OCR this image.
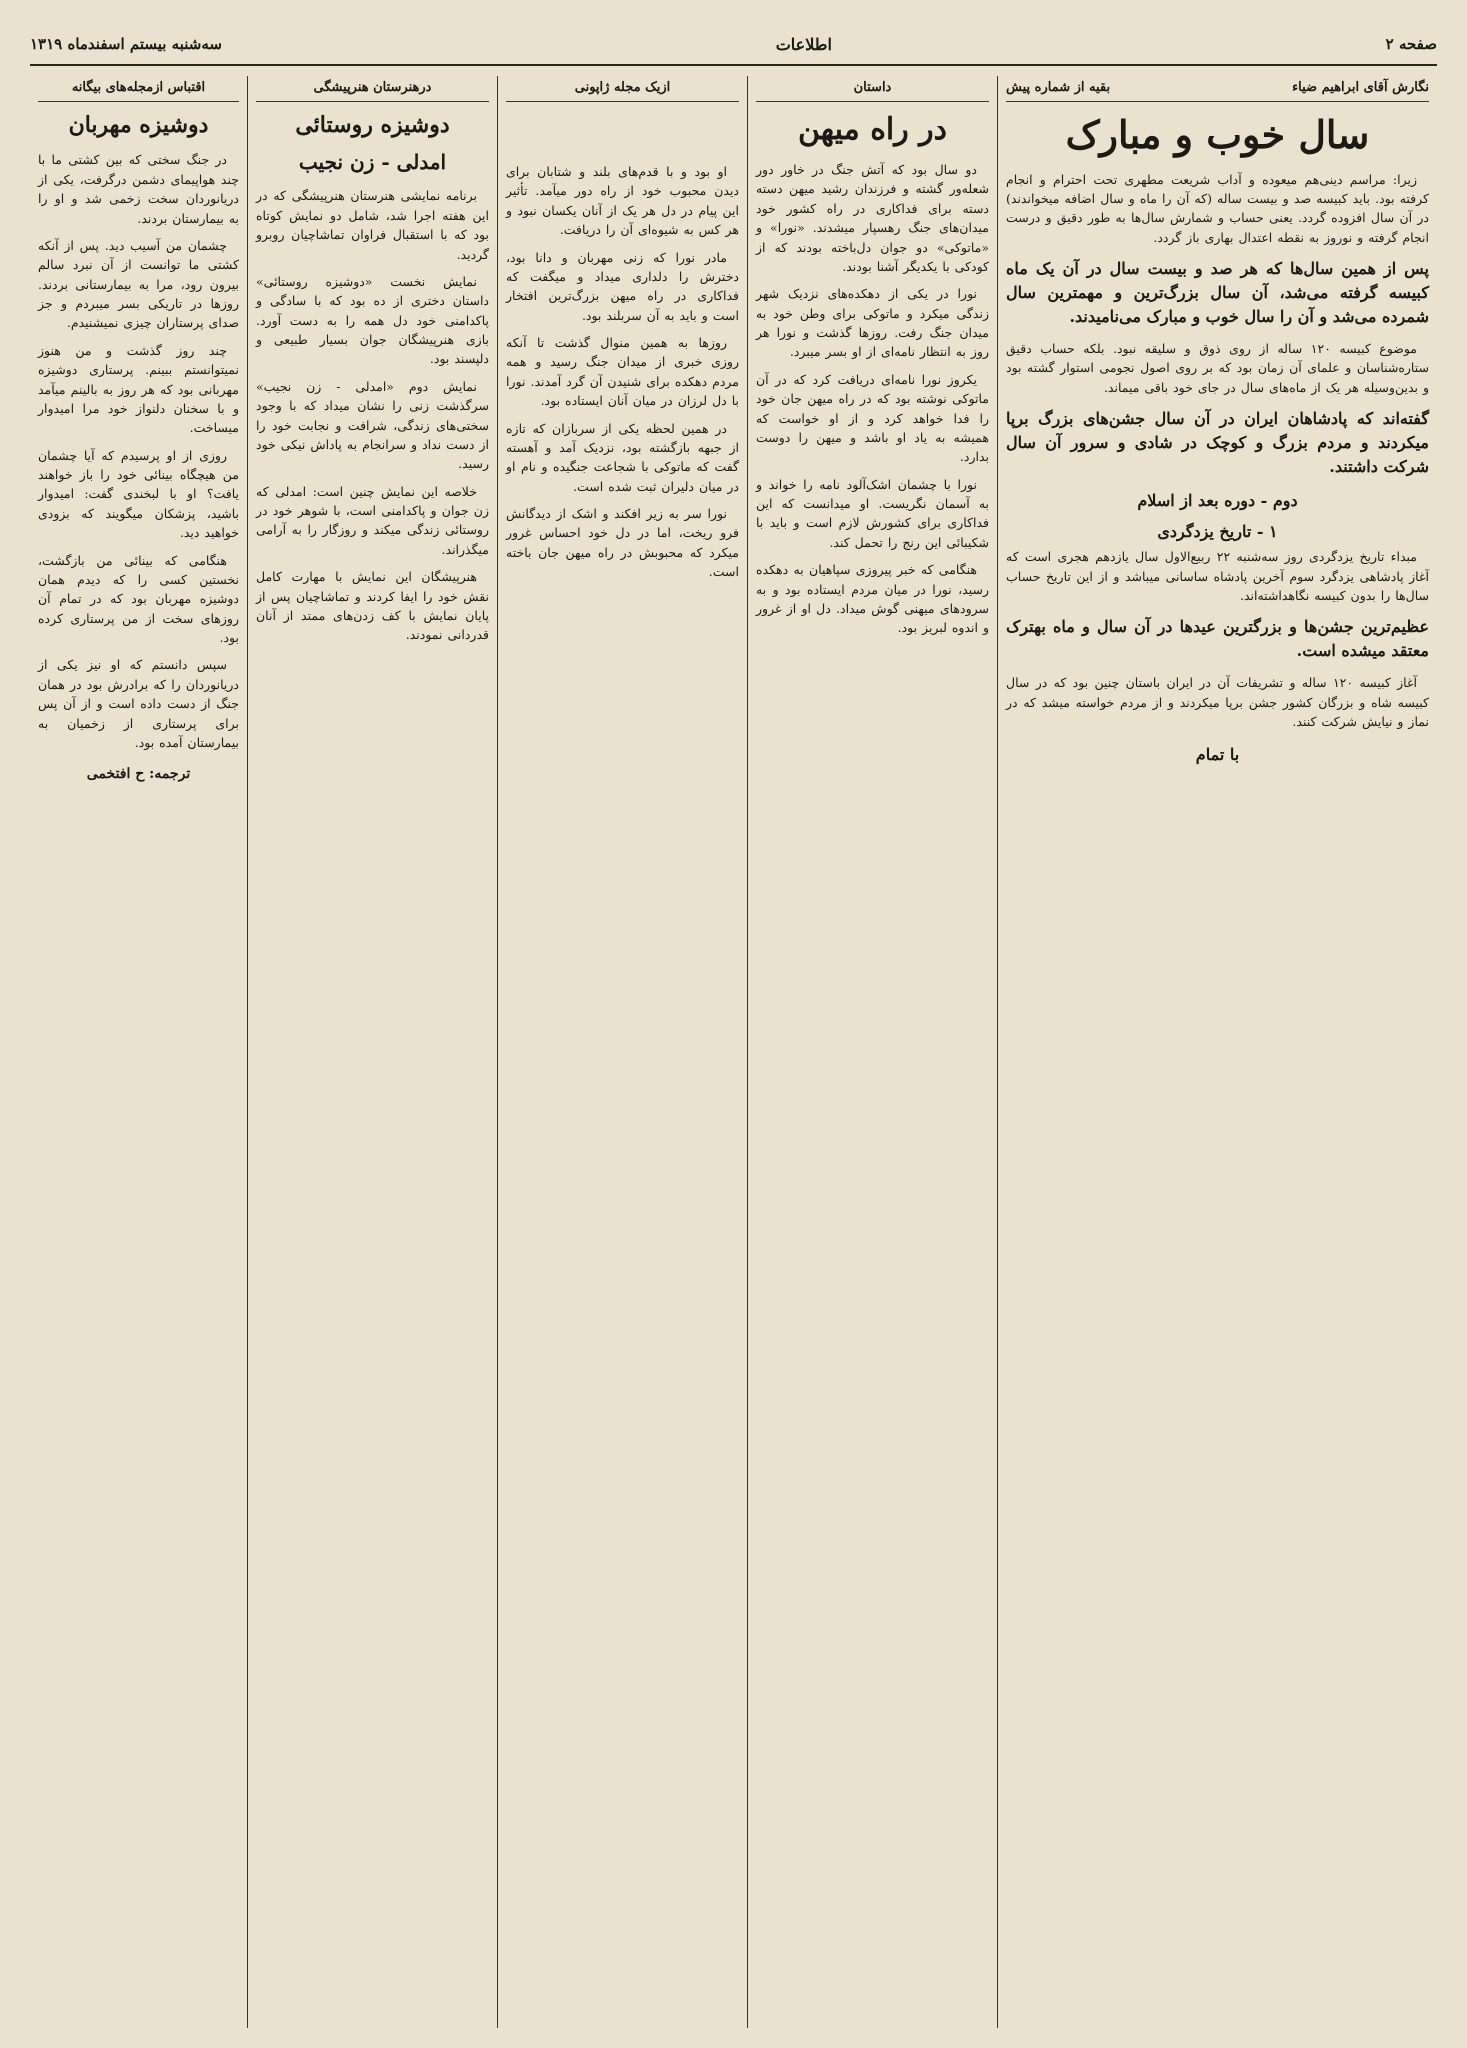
صفحه ۲
اطلاعات
سه‌شنبه بیستم اسفندماه ۱۳۱۹
نگارش آقای ابراهیم ضیاء
بقیه از شماره پیش
سال خوب و مبارک

زیرا: مراسم دینی‌هم میعوده و آداب شریعت مطهری تحت احترام و انجام کرفته بود. باید کبیسه صد و بیست ساله (که آن را ماه و سال اضافه میخواندند) در آن سال افزوده گردد. یعنی حساب و شمارش سال‌ها به طور دقیق و درست انجام گرفته و نوروز به نقطه اعتدال بهاری باز گردد.

پس از همین سال‌ها که هر صد و بیست سال در آن یک ماه کبیسه گرفته می‌شد، آن سال بزرگ‌ترین و مهمترین سال شمرده می‌شد و آن را سال خوب و مبارک می‌نامیدند.

موضوع کبیسه ۱۲۰ ساله از روی ذوق و سلیقه نبود. بلکه حساب دقیق ستاره‌شناسان و علمای آن زمان بود که بر روی اصول نجومی استوار گشته بود و بدین‌وسیله هر یک از ماه‌های سال در جای خود باقی میماند.

گفته‌اند که پادشاهان ایران در آن سال جشن‌های بزرگ برپا میکردند و مردم بزرگ و کوچک در شادی و سرور آن سال شرکت داشتند.
دوم - دوره بعد از اسلام
۱ - تاریخ یزدگردی

مبداء تاریخ یزدگردی روز سه‌شنبه ۲۲ ربیع‌الاول سال یازدهم هجری است که آغاز پادشاهی یزدگرد سوم آخرین پادشاه ساسانی میباشد و از این تاریخ حساب سال‌ها را بدون کبیسه نگاهداشته‌اند.

عظیم‌ترین جشن‌ها و بزرگترین عیدها در آن سال و ماه بهترک معتقد میشده است.

آغاز کبیسه ۱۲۰ ساله و تشریفات آن در ایران باستان چنین بود که در سال کبیسه شاه و بزرگان کشور جشن برپا میکردند و از مردم خواسته میشد که در نماز و نیایش شرکت کنند.

با تمام
داستان
در راه میهن

دو سال بود که آتش جنگ در خاور دور شعله‌ور گشته و فرزندان رشید میهن دسته دسته برای فداکاری در راه کشور خود میدان‌های جنگ رهسپار میشدند. «نورا» و «ماتوکی» دو جوان دل‌باخته بودند که از کودکی با یکدیگر آشنا بودند.

نورا در یکی از دهکده‌های نزدیک شهر زندگی میکرد و ماتوکی برای وطن خود به میدان جنگ رفت. روزها گذشت و نورا هر روز به انتظار نامه‌ای از او بسر میبرد.

یکروز نورا نامه‌ای دریافت کرد که در آن ماتوکی نوشته بود که در راه میهن جان خود را فدا خواهد کرد و از او خواست که همیشه به یاد او باشد و میهن را دوست بدارد.

نورا با چشمان اشک‌آلود نامه را خواند و به آسمان نگریست. او میدانست که این فداکاری برای کشورش لازم است و باید با شکیبائی این رنج را تحمل کند.

هنگامی که خبر پیروزی سپاهیان به دهکده رسید، نورا در میان مردم ایستاده بود و به سرودهای میهنی گوش میداد. دل او از غرور و اندوه لبریز بود.

ازیک مجله ژاپونی

او بود و با قدم‌های بلند و شتابان برای دیدن محبوب خود از راه دور میآمد. تأثیر این پیام در دل هر یک از آنان یکسان نبود و هر کس به شیوه‌ای آن را دریافت.

مادر نورا که زنی مهربان و دانا بود، دخترش را دلداری میداد و میگفت که فداکاری در راه میهن بزرگ‌ترین افتخار است و باید به آن سربلند بود.

روزها به همین منوال گذشت تا آنکه روزی خبری از میدان جنگ رسید و همه مردم دهکده برای شنیدن آن گرد آمدند. نورا با دل لرزان در میان آنان ایستاده بود.

در همین لحظه یکی از سربازان که تازه از جبهه بازگشته بود، نزدیک آمد و آهسته گفت که ماتوکی با شجاعت جنگیده و نام او در میان دلیران ثبت شده است.

نورا سر به زیر افکند و اشک از دیدگانش فرو ریخت، اما در دل خود احساس غرور میکرد که محبوبش در راه میهن جان باخته است.

درهنرستان هنرپیشگی
دوشیزه روستائی
امدلی - زن نجیب

برنامه نمایشی هنرستان هنرپیشگی که در این هفته اجرا شد، شامل دو نمایش کوتاه بود که با استقبال فراوان تماشاچیان روبرو گردید.

نمایش نخست «دوشیزه روستائی» داستان دختری از ده بود که با سادگی و پاکدامنی خود دل همه را به دست آورد. بازی هنرپیشگان جوان بسیار طبیعی و دلپسند بود.

نمایش دوم «امدلی - زن نجیب» سرگذشت زنی را نشان میداد که با وجود سختی‌های زندگی، شرافت و نجابت خود را از دست نداد و سرانجام به پاداش نیکی خود رسید.

خلاصه این نمایش چنین است: امدلی که زن جوان و پاکدامنی است، با شوهر خود در روستائی زندگی میکند و روزگار را به آرامی میگذراند.

هنرپیشگان این نمایش با مهارت کامل نقش خود را ایفا کردند و تماشاچیان پس از پایان نمایش با کف زدن‌های ممتد از آنان قدردانی نمودند.

اقتباس ازمجله‌های بیگانه
دوشیزه مهربان

در جنگ سختی که بین کشتی ما با چند هواپیمای دشمن درگرفت، یکی از دریانوردان سخت زخمی شد و او را به بیمارستان بردند.

چشمان من آسیب دید. پس از آنکه کشتی ما توانست از آن نبرد سالم بیرون رود، مرا به بیمارستانی بردند. روزها در تاریکی بسر میبردم و جز صدای پرستاران چیزی نمیشنیدم.

چند روز گذشت و من هنوز نمیتوانستم ببینم. پرستاری دوشیزه مهربانی بود که هر روز به بالینم میآمد و با سخنان دلنواز خود مرا امیدوار میساخت.

روزی از او پرسیدم که آیا چشمان من هیچگاه بینائی خود را باز خواهند یافت؟ او با لبخندی گفت: امیدوار باشید، پزشکان میگویند که بزودی خواهید دید.

هنگامی که بینائی من بازگشت، نخستین کسی را که دیدم همان دوشیزه مهربان بود که در تمام آن روزهای سخت از من پرستاری کرده بود.

سپس دانستم که او نیز یکی از دریانوردان را که برادرش بود در همان جنگ از دست داده است و از آن پس برای پرستاری از زخمیان به بیمارستان آمده بود.

ترجمه: ح افتخمی
